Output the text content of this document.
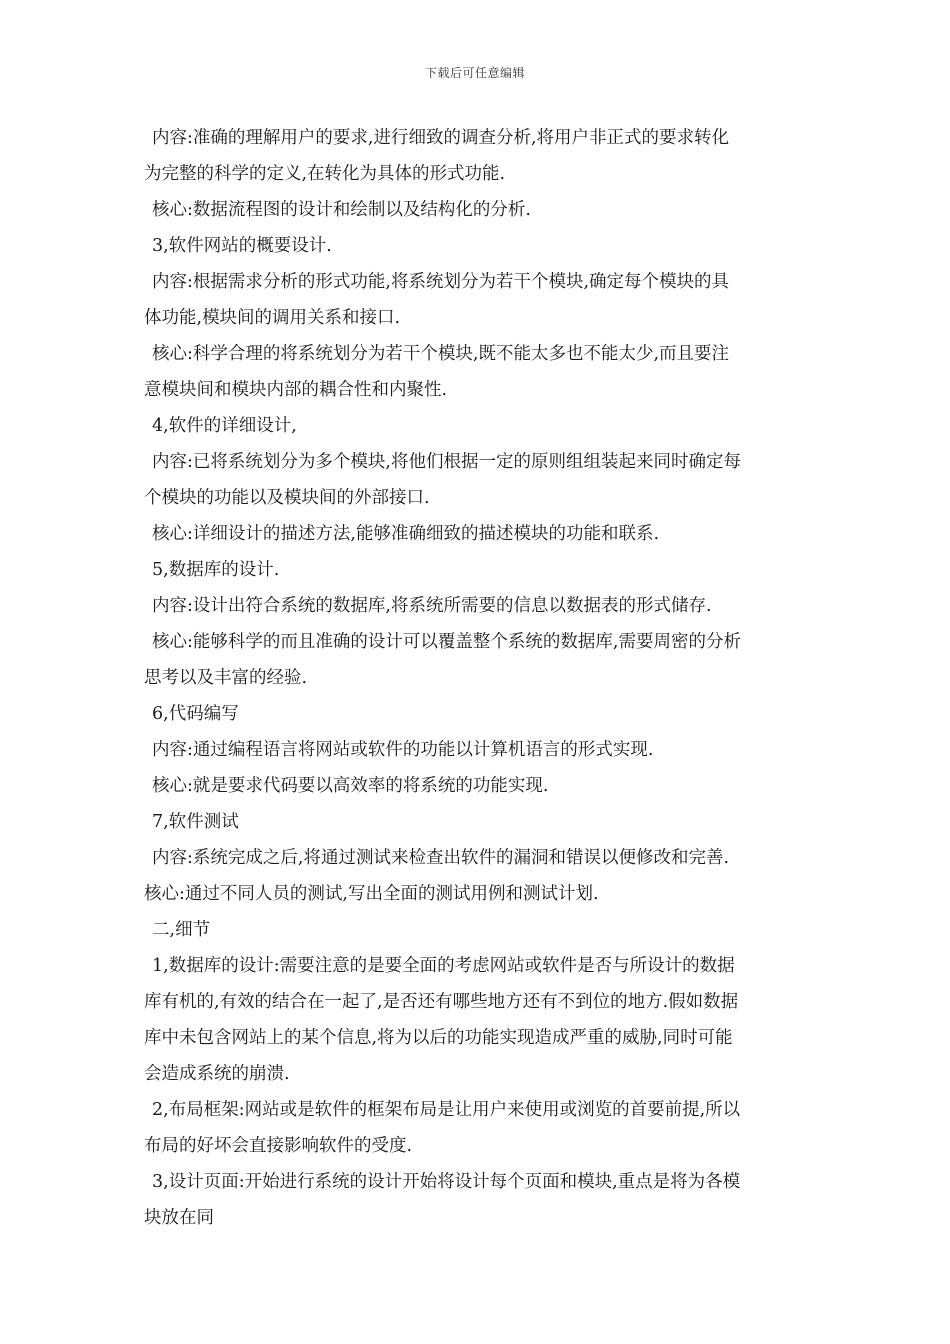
下载后可任意编辑
内容:准确的理解用户的要求,进行细致的调查分析,将用户非正式的要求转化
为完整的科学的定义,在转化为具体的形式功能.
核心:数据流程图的设计和绘制以及结构化的分析.
3,软件网站的概要设计.
内容:根据需求分析的形式功能,将系统划分为若干个模块,确定每个模块的具
体功能,模块间的调用关系和接口.
核心:科学合理的将系统划分为若干个模块,既不能太多也不能太少,而且要注
意模块间和模块内部的耦合性和内聚性.
4,软件的详细设计,
内容:已将系统划分为多个模块,将他们根据一定的原则组组装起来同时确定每
个模块的功能以及模块间的外部接口.
核心:详细设计的描述方法,能够准确细致的描述模块的功能和联系.
5,数据库的设计.
内容:设计出符合系统的数据库,将系统所需要的信息以数据表的形式储存.
核心:能够科学的而且准确的设计可以覆盖整个系统的数据库,需要周密的分析
思考以及丰富的经验.
6,代码编写
内容:通过编程语言将网站或软件的功能以计算机语言的形式实现.
核心:就是要求代码要以高效率的将系统的功能实现.
7,软件测试
内容:系统完成之后,将通过测试来检查出软件的漏洞和错误以便修改和完善.
核心:通过不同人员的测试,写出全面的测试用例和测试计划.
二,细节
1,数据库的设计:需要注意的是要全面的考虑网站或软件是否与所设计的数据
库有机的,有效的结合在一起了,是否还有哪些地方还有不到位的地方.假如数据
库中未包含网站上的某个信息,将为以后的功能实现造成严重的威胁,同时可能
会造成系统的崩溃.
2,布局框架:网站或是软件的框架布局是让用户来使用或浏览的首要前提,所以
布局的好坏会直接影响软件的受度.
3,设计页面:开始进行系统的设计开始将设计每个页面和模块,重点是将为各模
块放在同
